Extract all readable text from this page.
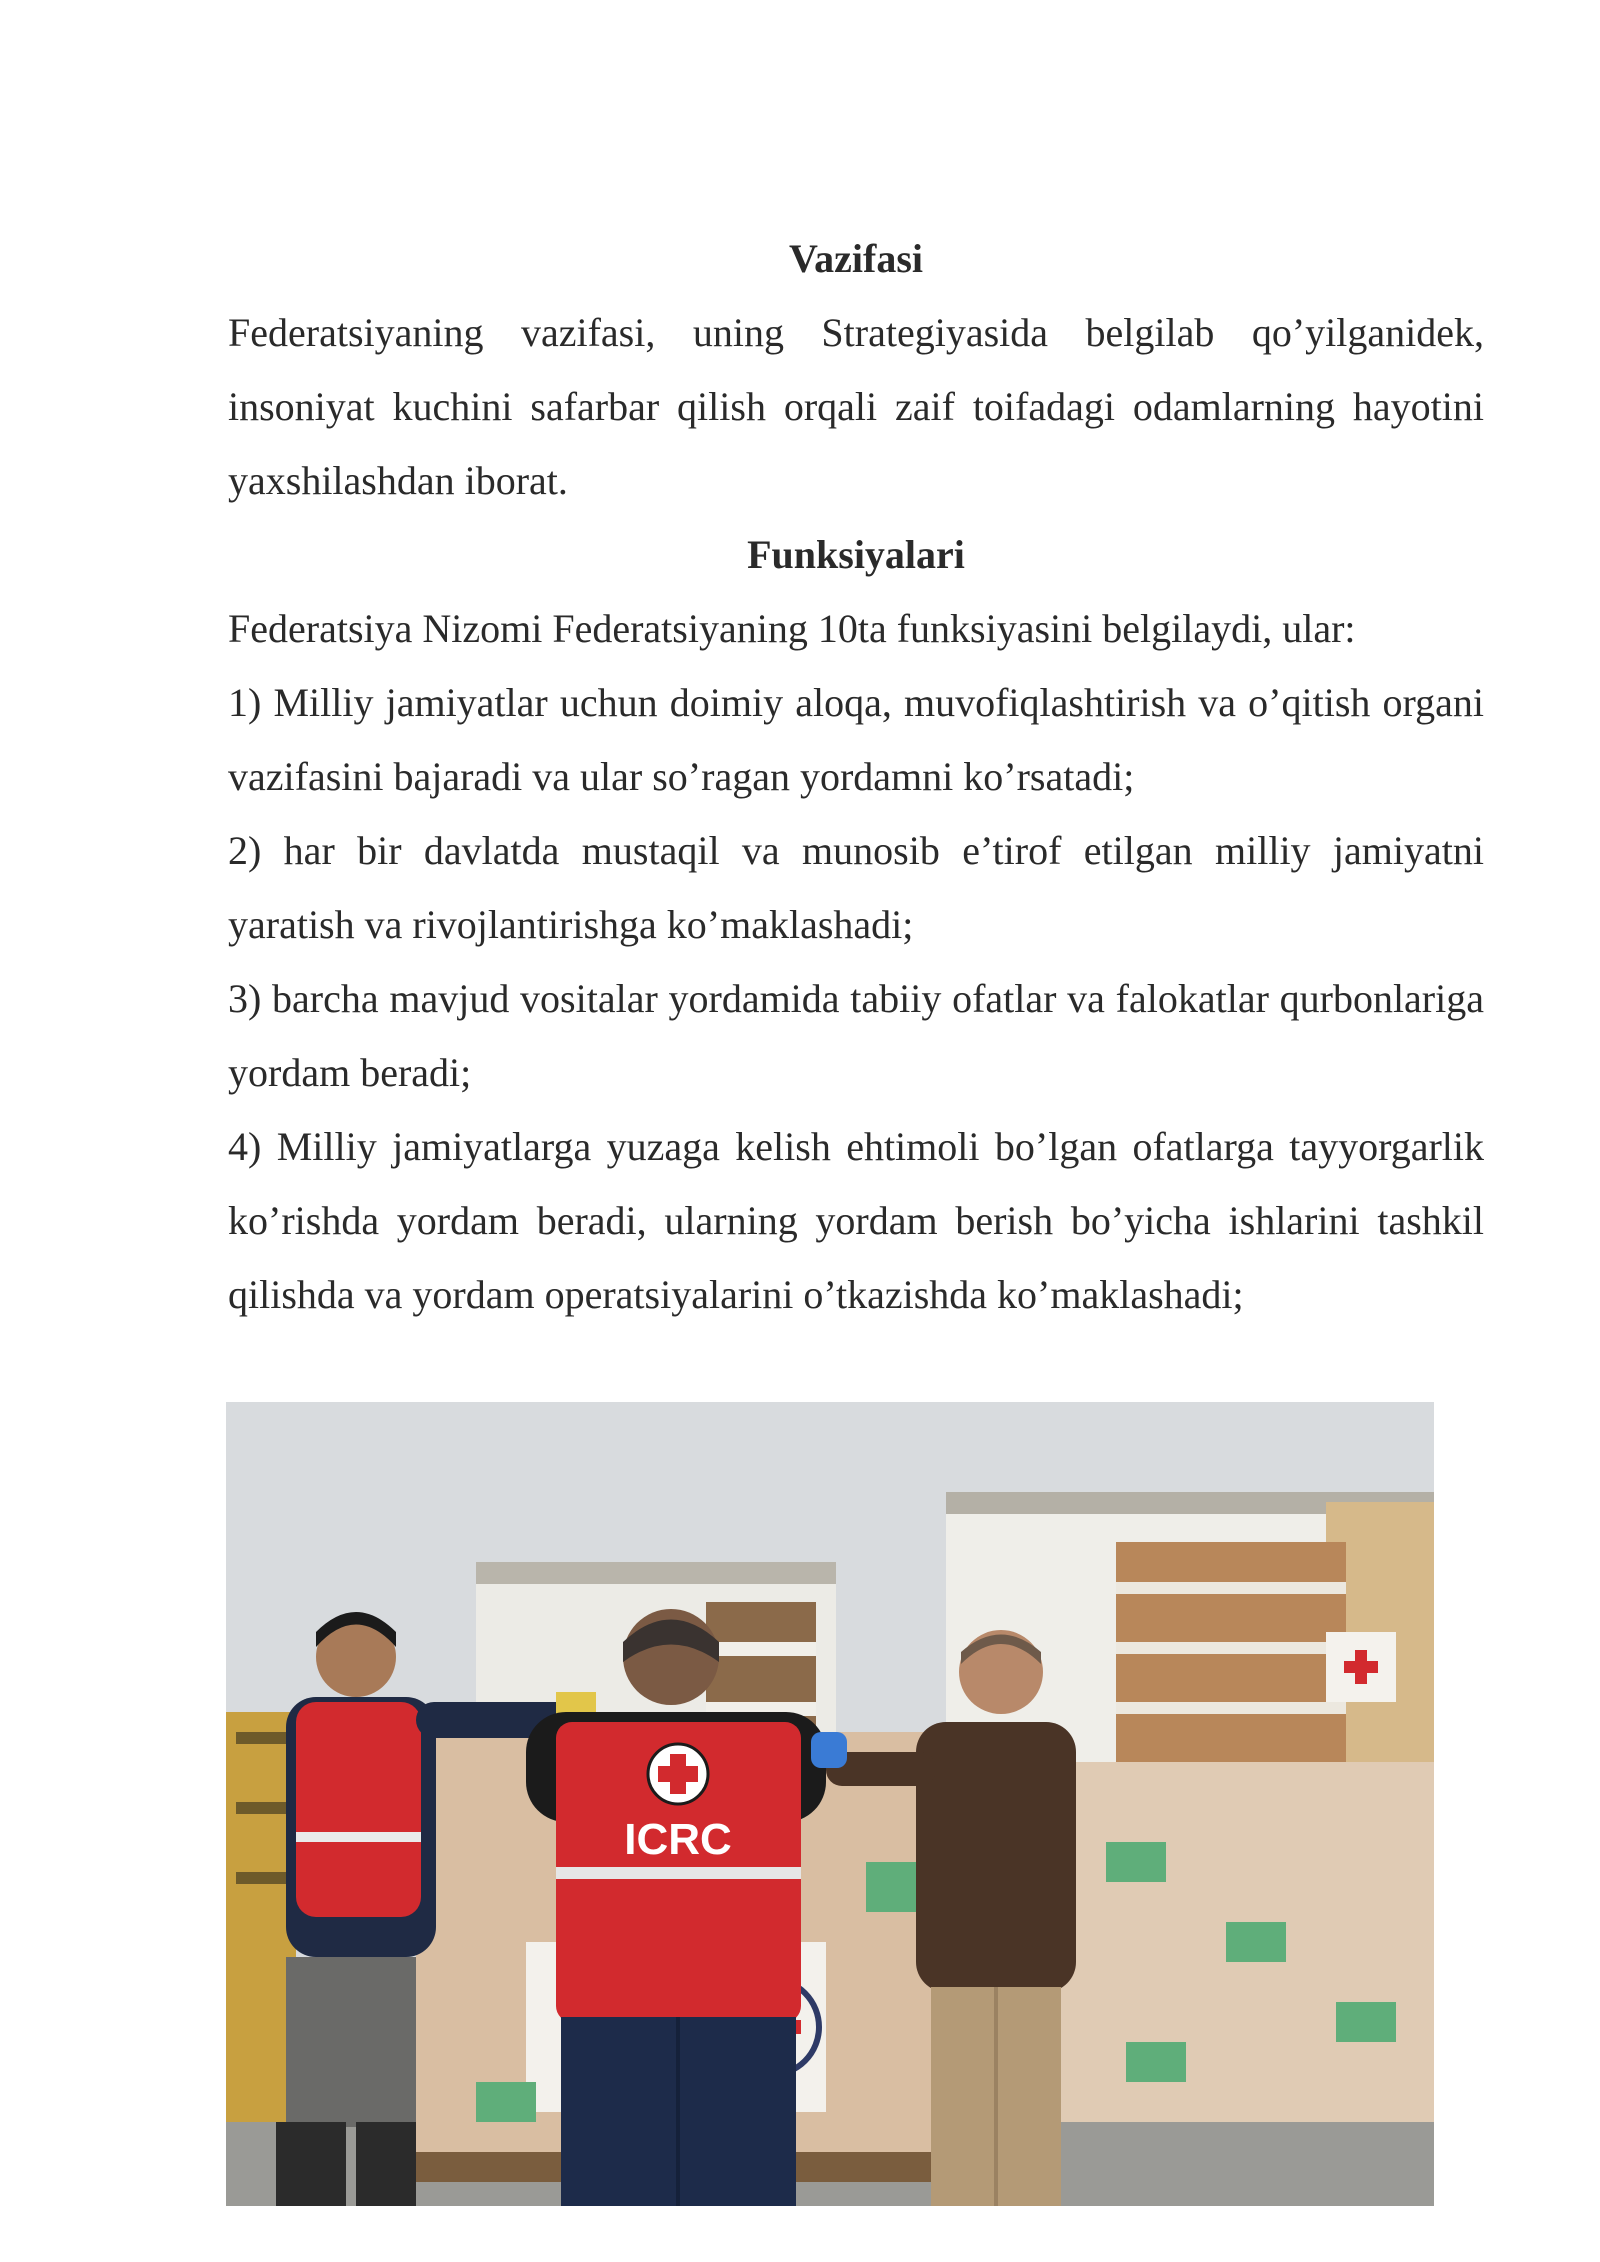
Vazifasi

Federatsiyaning vazifasi, uning Strategiyasida belgilab qo’yilganidek, insoniyat kuchini safarbar qilish orqali zaif toifadagi odamlarning hayotini yaxshilashdan iborat.

Funksiyalari

Federatsiya Nizomi Federatsiyaning 10ta funksiyasini belgilaydi, ular:

1) Milliy jamiyatlar uchun doimiy aloqa, muvofiqlashtirish va o’qitish organi vazifasini bajaradi va ular so’ragan yordamni ko’rsatadi;

2) har bir davlatda mustaqil va munosib e’tirof etilgan milliy jamiyatni yaratish va rivojlantirishga ko’maklashadi;

3) barcha mavjud vositalar yordamida tabiiy ofatlar va falokatlar qurbonlariga yordam beradi;

4) Milliy jamiyatlarga yuzaga kelish ehtimoli bo’lgan ofatlarga tayyorgarlik ko’rishda yordam beradi, ularning yordam berish bo’yicha ishlarini tashkil qilishda va yordam operatsiyalarini o’tkazishda ko’maklashadi;

ICRC
